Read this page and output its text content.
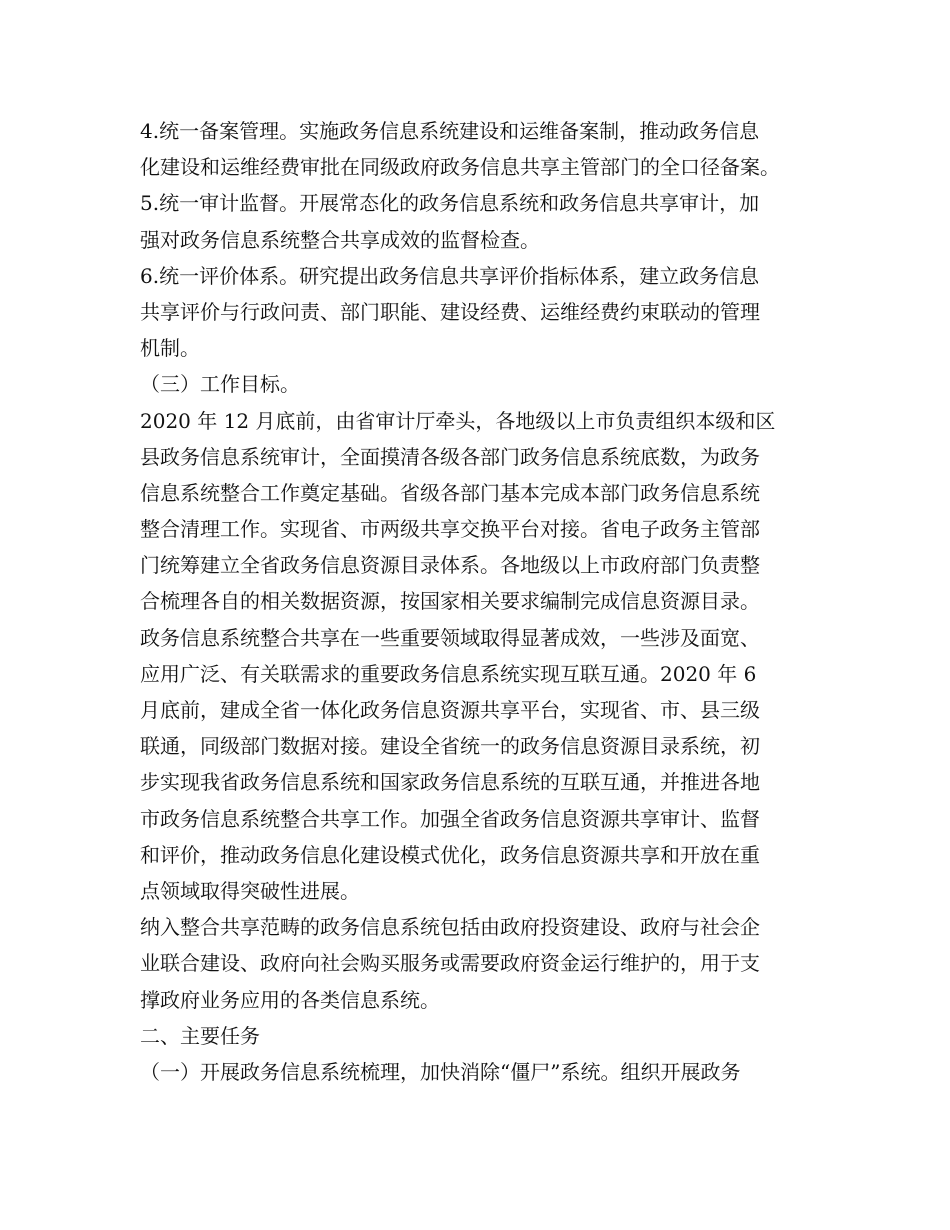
4.统一备案管理。实施政务信息系统建设和运维备案制，推动政务信息
化建设和运维经费审批在同级政府政务信息共享主管部门的全口径备案。
5.统一审计监督。开展常态化的政务信息系统和政务信息共享审计，加
强对政务信息系统整合共享成效的监督检查。
6.统一评价体系。研究提出政务信息共享评价指标体系，建立政务信息
共享评价与行政问责、部门职能、建设经费、运维经费约束联动的管理
机制。
（三）工作目标。
2020 年 12 月底前，由省审计厅牵头，各地级以上市负责组织本级和区
县政务信息系统审计，全面摸清各级各部门政务信息系统底数，为政务
信息系统整合工作奠定基础。省级各部门基本完成本部门政务信息系统
整合清理工作。实现省、市两级共享交换平台对接。省电子政务主管部
门统筹建立全省政务信息资源目录体系。各地级以上市政府部门负责整
合梳理各自的相关数据资源，按国家相关要求编制完成信息资源目录。
政务信息系统整合共享在一些重要领域取得显著成效，一些涉及面宽、
应用广泛、有关联需求的重要政务信息系统实现互联互通。2020 年 6
月底前，建成全省一体化政务信息资源共享平台，实现省、市、县三级
联通，同级部门数据对接。建设全省统一的政务信息资源目录系统，初
步实现我省政务信息系统和国家政务信息系统的互联互通，并推进各地
市政务信息系统整合共享工作。加强全省政务信息资源共享审计、监督
和评价，推动政务信息化建设模式优化，政务信息资源共享和开放在重
点领域取得突破性进展。
纳入整合共享范畴的政务信息系统包括由政府投资建设、政府与社会企
业联合建设、政府向社会购买服务或需要政府资金运行维护的，用于支
撑政府业务应用的各类信息系统。
二、主要任务
（一）开展政务信息系统梳理，加快消除“僵尸”系统。组织开展政务
